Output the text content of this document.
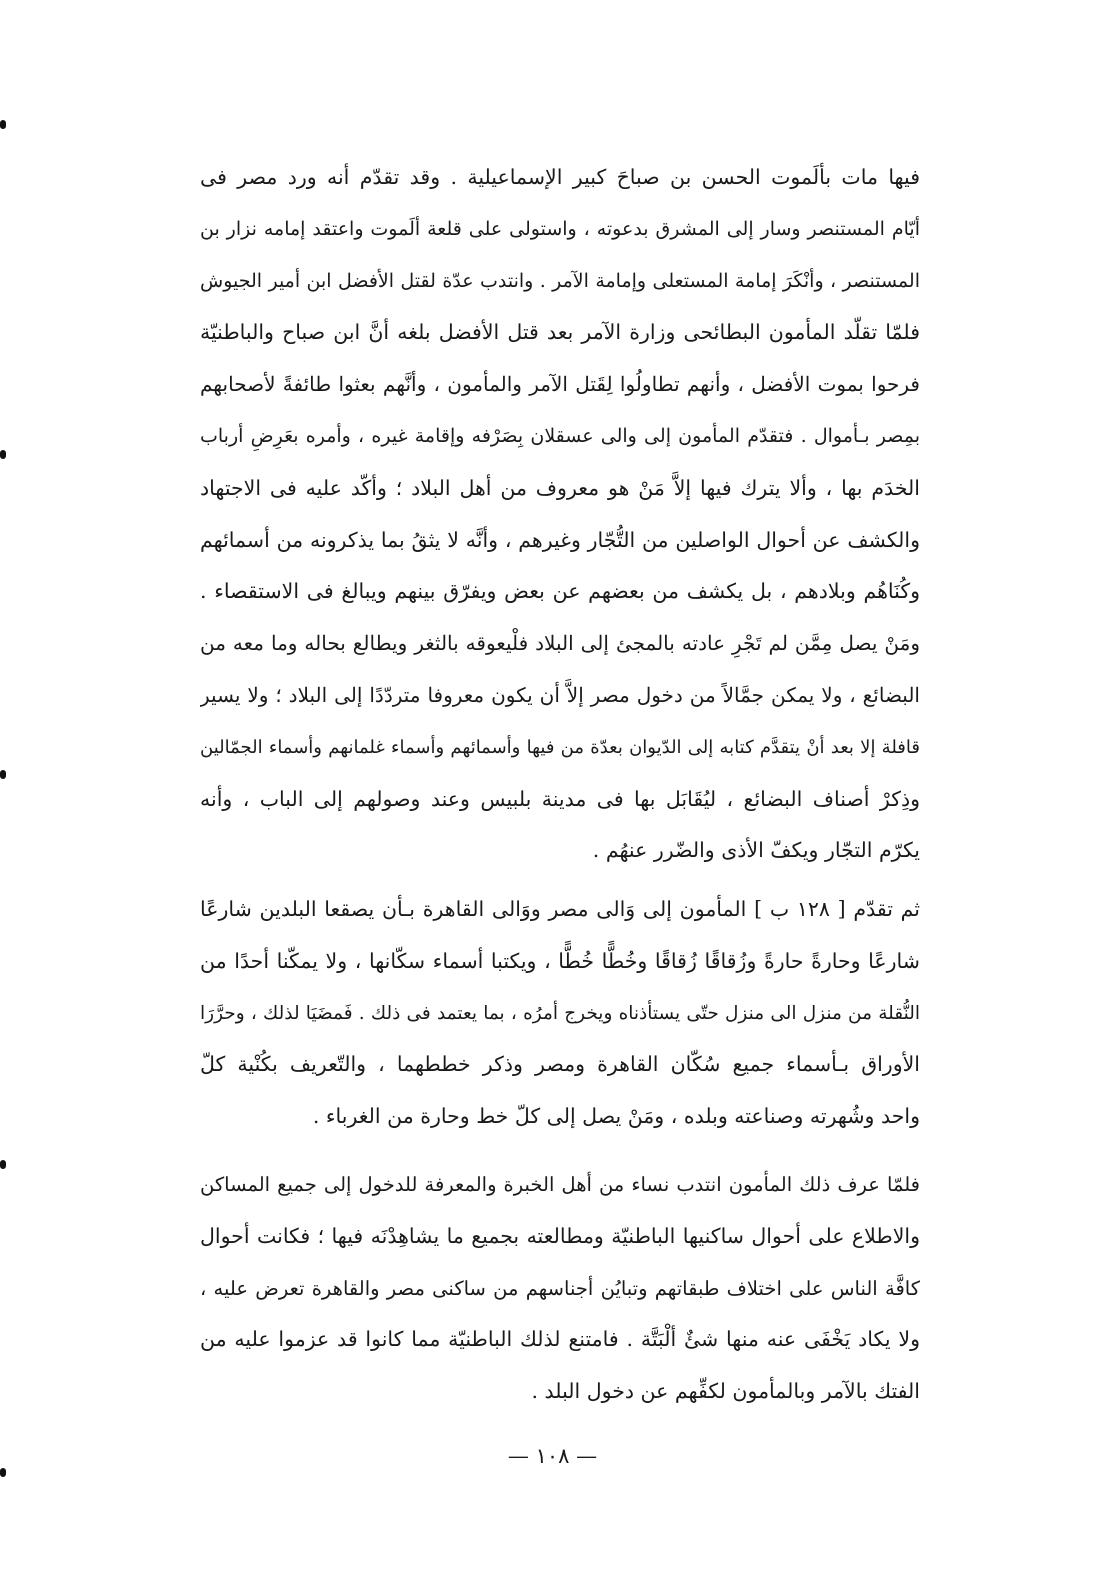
فيها مات بألَموت الحسن بن صباحَ كبير الإسماعيلية . وقد تقدّم أنه ورد مصر فى
أيّام المستنصر وسار إلى المشرق بدعوته ، واستولى على قلعة ألَموت واعتقد إمامه نزار بن
المستنصر ، وأنْكَرَ إمامة المستعلى وإمامة الآمر . وانتدب عدّة لقتل الأفضل ابن أمير الجيوش
فلمّا تقلّد المأمون البطائحى وزارة الآمر بعد قتل الأفضل بلغه أنَّ ابن صباح والباطنيّة
فرحوا بموت الأفضل ، وأنهم تطاولُوا لِقَتل الآمر والمأمون ، وأنَّهم بعثوا طائفةً لأصحابهم
بمِصر بـأموال . فتقدّم المأمون إلى والى عسقلان بِصَرْفه وإقامة غيره ، وأمره بعَرِضِ أرباب
الخدَم بها ، وألا يترك فيها إلاَّ مَنْ هو معروف من أهل البلاد ؛ وأكّد عليه فى الاجتهاد
والكشف عن أحوال الواصلين من التُّجّار وغيرهم ، وأنَّه لا يثقُ بما يذكرونه من أسمائهم
وكُنَاهُم وبلادهم ، بل يكشف من بعضهم عن بعض ويفرّق بينهم ويبالغ فى الاستقصاء .
ومَنْ يصل مِمَّن لم تَجْرِ عادته بالمجئ إلى البلاد فلْيعوقه بالثغر ويطالع بحاله وما معه من
البضائع ، ولا يمكن جمَّالاً من دخول مصر إلاَّ أن يكون معروفا متردّدًا إلى البلاد ؛ ولا يسير
قافلة إلا بعد أنْ يتقدَّم كتابه إلى الدّيوان بعدّة من فيها وأسمائهم وأسماء غلمانهم وأسماء الجمّالين
وذِكرْ أصناف البضائع ، ليُقَابَل بها فى مدينة بلبيس وعند وصولهم إلى الباب ، وأنه
يكرّم التجّار ويكفّ الأذى والضّرر عنهُم .
ثم تقدّم [ ١٢٨ ب ] المأمون إلى وَالى مصر ووَالى القاهرة بـأن يصقعا البلدين شارعًا
شارعًا وحارةً حارةً وزُقاقًا زُقاقًا وخُطًّا خُطًّا ، ويكتبا أسماء سكّانها ، ولا يمكّنا أحدًا من
النُّقلة من منزل الى منزل حتّى يستأذناه ويخرج أمرُه ، بما يعتمد فى ذلك . فَمضَيَا لذلك ، وحرَّرَا
الأوراق بـأسماء جميع سُكّان القاهرة ومصر وذكر خططهما ، والتّعريف بكُنْية كلّ
واحد وشُهرته وصناعته وبلده ، ومَنْ يصل إلى كلّ خط وحارة من الغرباء .
فلمّا عرف ذلك المأمون انتدب نساء من أهل الخبرة والمعرفة للدخول إلى جميع المساكن
والاطلاع على أحوال ساكنيها الباطنيّة ومطالعته بجميع ما يشاهِدْنَه فيها ؛ فكانت أحوال
كافَّة الناس على اختلاف طبقاتهم وتبايُن أجناسهم من ساكنى مصر والقاهرة تعرض عليه ،
ولا يكاد يَخْفَى عنه منها شئٌ ألْبَتَّة . فامتنع لذلك الباطنيّة مما كانوا قد عزموا عليه من
الفتك بالآمر وبالمأمون لكفِّهم عن دخول البلد .
— ١٠٨ —
